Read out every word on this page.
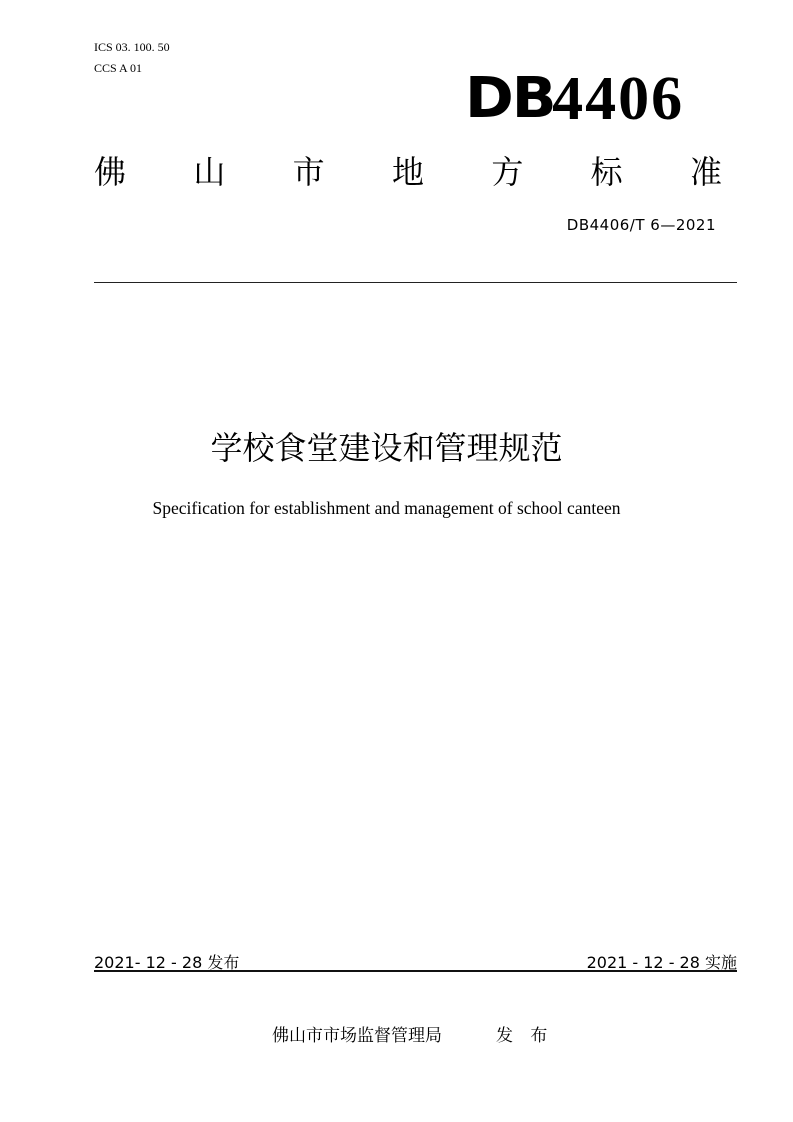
ICS 03. 100. 50
CCS A 01	DB
4406
佛 山 市 地 方 标 准
DB4406/T 6—2021
学校食堂建设和管理规范
Specification for establishment and management of school canteen
2021- 12 - 28 发布	2021 - 12 - 28 实施
佛山市市场监督管理局	发 布
